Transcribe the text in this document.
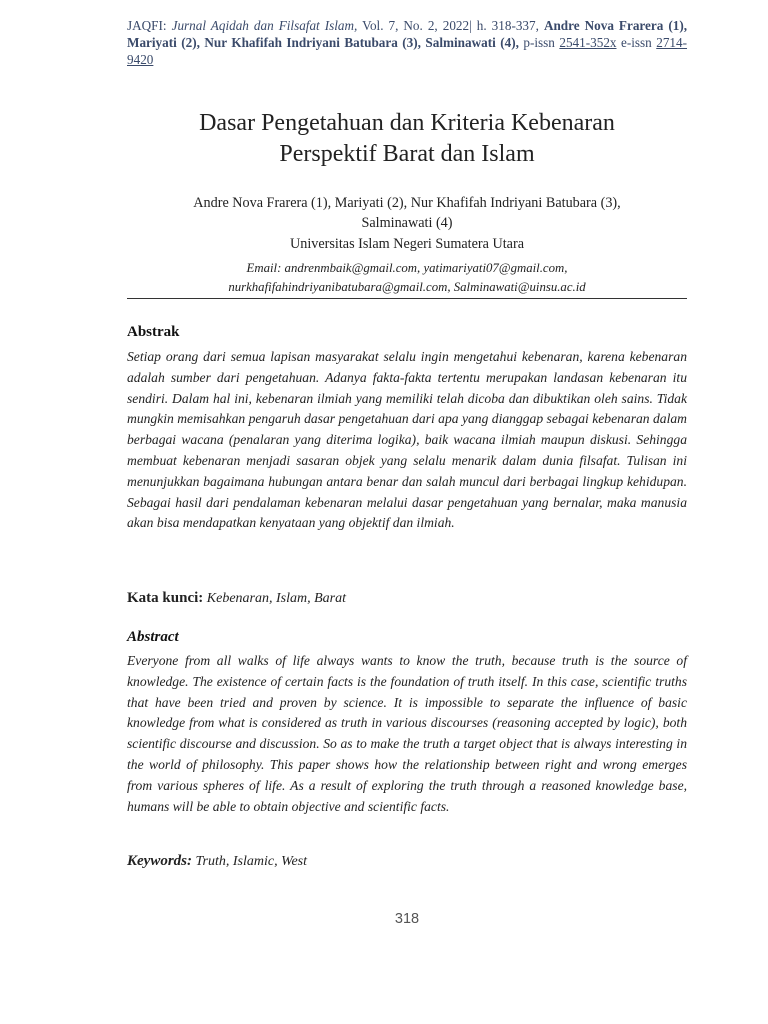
JAQFI: Jurnal Aqidah dan Filsafat Islam, Vol. 7, No. 2, 2022| h. 318-337, Andre Nova Frarera (1), Mariyati (2), Nur Khafifah Indriyani Batubara (3), Salminawati (4), p-issn 2541-352x e-issn 2714-9420
Dasar Pengetahuan dan Kriteria Kebenaran
Perspektif Barat dan Islam
Andre Nova Frarera (1), Mariyati (2), Nur Khafifah Indriyani Batubara (3),
Salminawati (4)
Universitas Islam Negeri Sumatera Utara
Email: andrenmbaik@gmail.com, yatimariyati07@gmail.com,
nurkhafifahindriyanibatubara@gmail.com, Salminawati@uinsu.ac.id
Abstrak
Setiap orang dari semua lapisan masyarakat selalu ingin mengetahui kebenaran, karena kebenaran adalah sumber dari pengetahuan. Adanya fakta-fakta tertentu merupakan landasan kebenaran itu sendiri. Dalam hal ini, kebenaran ilmiah yang memiliki telah dicoba dan dibuktikan oleh sains. Tidak mungkin memisahkan pengaruh dasar pengetahuan dari apa yang dianggap sebagai kebenaran dalam berbagai wacana (penalaran yang diterima logika), baik wacana ilmiah maupun diskusi. Sehingga membuat kebenaran menjadi sasaran objek yang selalu menarik dalam dunia filsafat. Tulisan ini menunjukkan bagaimana hubungan antara benar dan salah muncul dari berbagai lingkup kehidupan. Sebagai hasil dari pendalaman kebenaran melalui dasar pengetahuan yang bernalar, maka manusia akan bisa mendapatkan kenyataan yang objektif dan ilmiah.
Kata kunci: Kebenaran, Islam, Barat
Abstract
Everyone from all walks of life always wants to know the truth, because truth is the source of knowledge. The existence of certain facts is the foundation of truth itself. In this case, scientific truths that have been tried and proven by science. It is impossible to separate the influence of basic knowledge from what is considered as truth in various discourses (reasoning accepted by logic), both scientific discourse and discussion. So as to make the truth a target object that is always interesting in the world of philosophy. This paper shows how the relationship between right and wrong emerges from various spheres of life. As a result of exploring the truth through a reasoned knowledge base, humans will be able to obtain objective and scientific facts.
Keywords: Truth, Islamic, West
318
